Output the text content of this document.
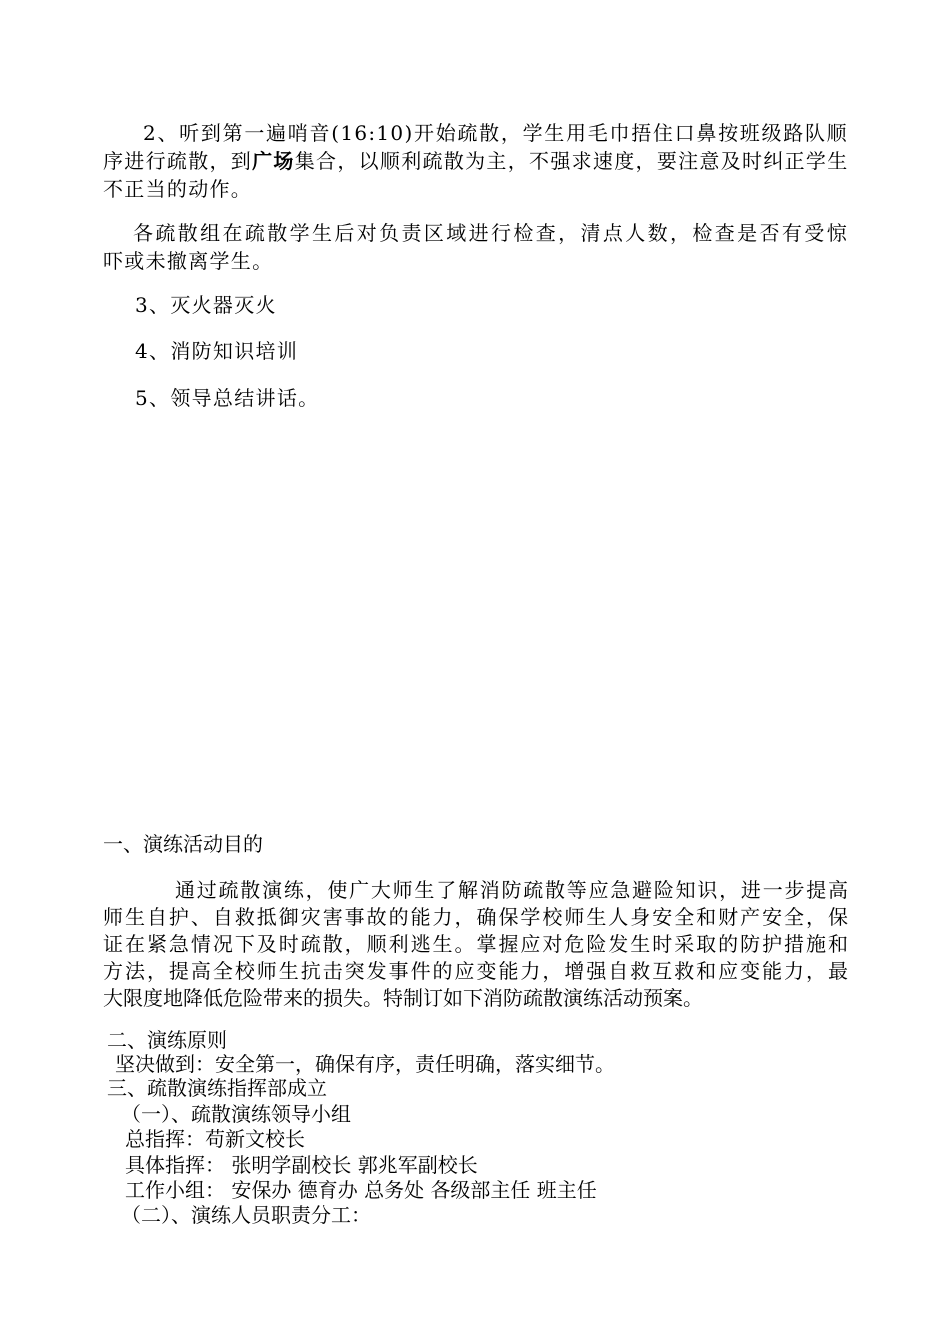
2、听到第一遍哨音(16:10)开始疏散，学生用毛巾捂住口鼻按班级路队顺
序进行疏散，到广场集合，以顺利疏散为主，不强求速度，要注意及时纠正学生
不正当的动作。
各疏散组在疏散学生后对负责区域进行检查，清点人数，检查是否有受惊
吓或未撤离学生。
3、灭火器灭火
4、消防知识培训
5、领导总结讲话。
一、演练活动目的
通过疏散演练，使广大师生了解消防疏散等应急避险知识，进一步提高
师生自护、自救抵御灾害事故的能力，确保学校师生人身安全和财产安全，保
证在紧急情况下及时疏散，顺利逃生。掌握应对危险发生时采取的防护措施和
方法，提高全校师生抗击突发事件的应变能力，增强自救互救和应变能力，最
大限度地降低危险带来的损失。特制订如下消防疏散演练活动预案。
二、演练原则
坚决做到：安全第一，确保有序，责任明确，落实细节。
三、疏散演练指挥部成立
（一）、疏散演练领导小组
总指挥：苟新文校长
具体指挥： 张明学副校长 郭兆军副校长
工作小组： 安保办 德育办 总务处 各级部主任 班主任
（二）、演练人员职责分工：
